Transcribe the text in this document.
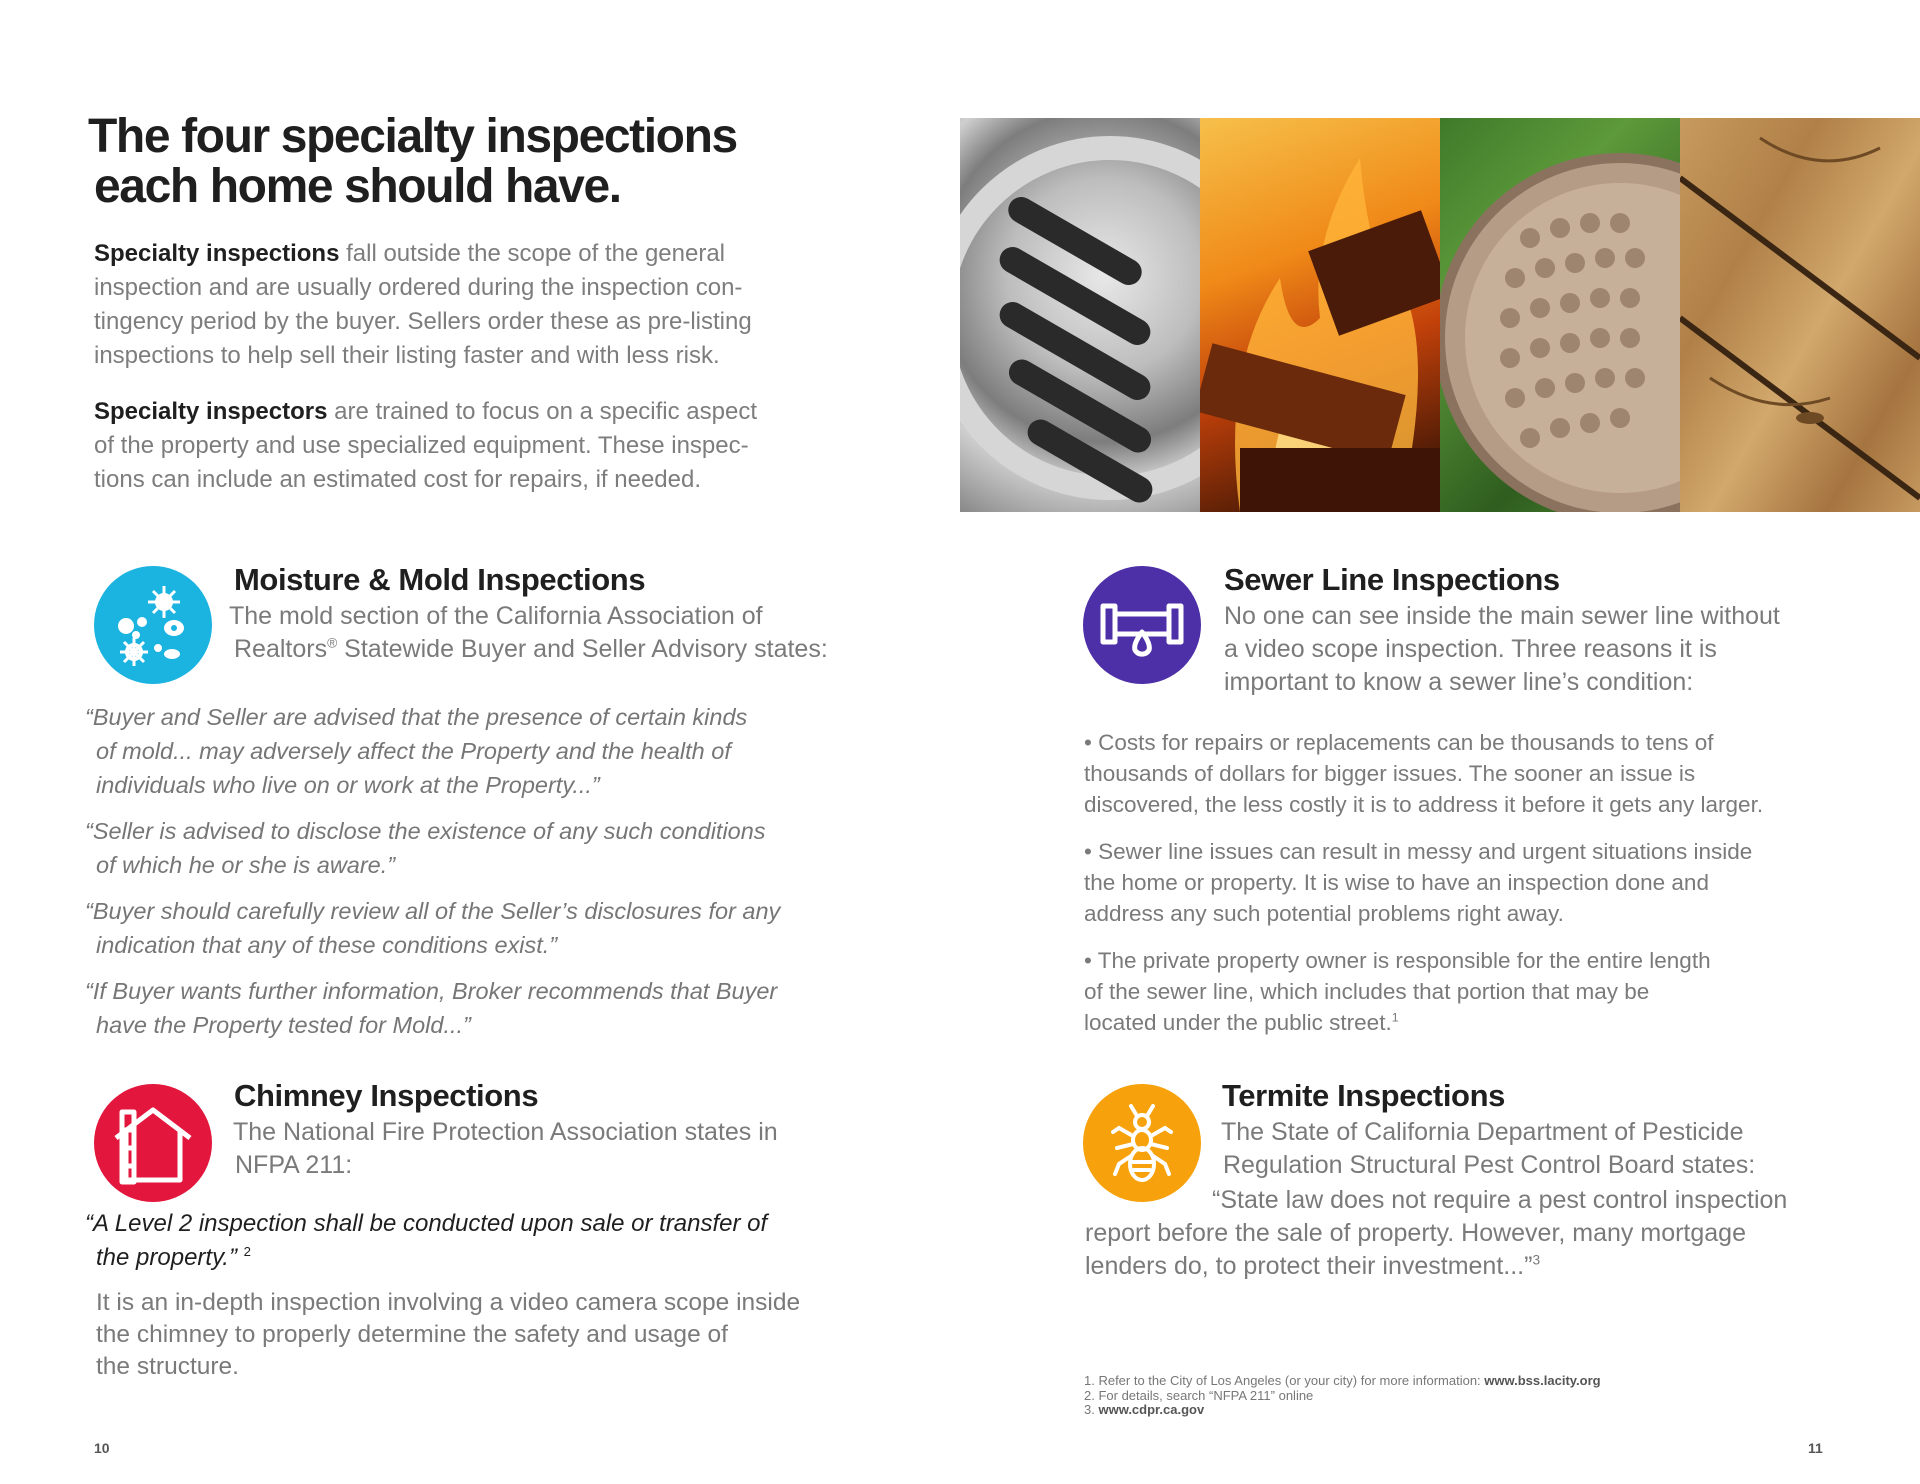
The four specialty inspections
each home should have.
Specialty inspections fall outside the scope of the general
inspection and are usually ordered during the inspection con-
tingency period by the buyer. Sellers order these as pre-listing
inspections to help sell their listing faster and with less risk.
Specialty inspectors are trained to focus on a specific aspect
of the property and use specialized equipment. These inspec-
tions can include an estimated cost for repairs, if needed.
Moisture & Mold Inspections
The mold section of the California Association of
Realtors® Statewide Buyer and Seller Advisory states:
“Buyer and Seller are advised that the presence of certain kinds
of mold... may adversely affect the Property and the health of
individuals who live on or work at the Property...”
“Seller is advised to disclose the existence of any such conditions
of which he or she is aware.”
“Buyer should carefully review all of the Seller’s disclosures for any
indication that any of these conditions exist.”
“If Buyer wants further information, Broker recommends that Buyer
have the Property tested for Mold...”
Chimney Inspections
The National Fire Protection Association states in
NFPA 211:
“A Level 2 inspection shall be conducted upon sale or transfer of
the property.” $^2$
It is an in-depth inspection involving a video camera scope inside
the chimney to properly determine the safety and usage of
the structure.
Sewer Line Inspections
No one can see inside the main sewer line without
a video scope inspection. Three reasons it is
important to know a sewer line’s condition:
• Costs for repairs or replacements can be thousands to tens of
thousands of dollars for bigger issues. The sooner an issue is
discovered, the less costly it is to address it before it gets any larger.
• Sewer line issues can result in messy and urgent situations inside
the home or property. It is wise to have an inspection done and
address any such potential problems right away.
• The private property owner is responsible for the entire length
of the sewer line, which includes that portion that may be
located under the public street.$^1$
Termite Inspections
The State of California Department of Pesticide
Regulation Structural Pest Control Board states:
“State law does not require a pest control inspection
report before the sale of property. However, many mortgage
lenders do, to protect their investment...”$^3$
1. Refer to the City of Los Angeles (or your city) for more information: www.bss.lacity.org
2. For details, search “NFPA 211” online
3. www.cdpr.ca.gov
10	11
